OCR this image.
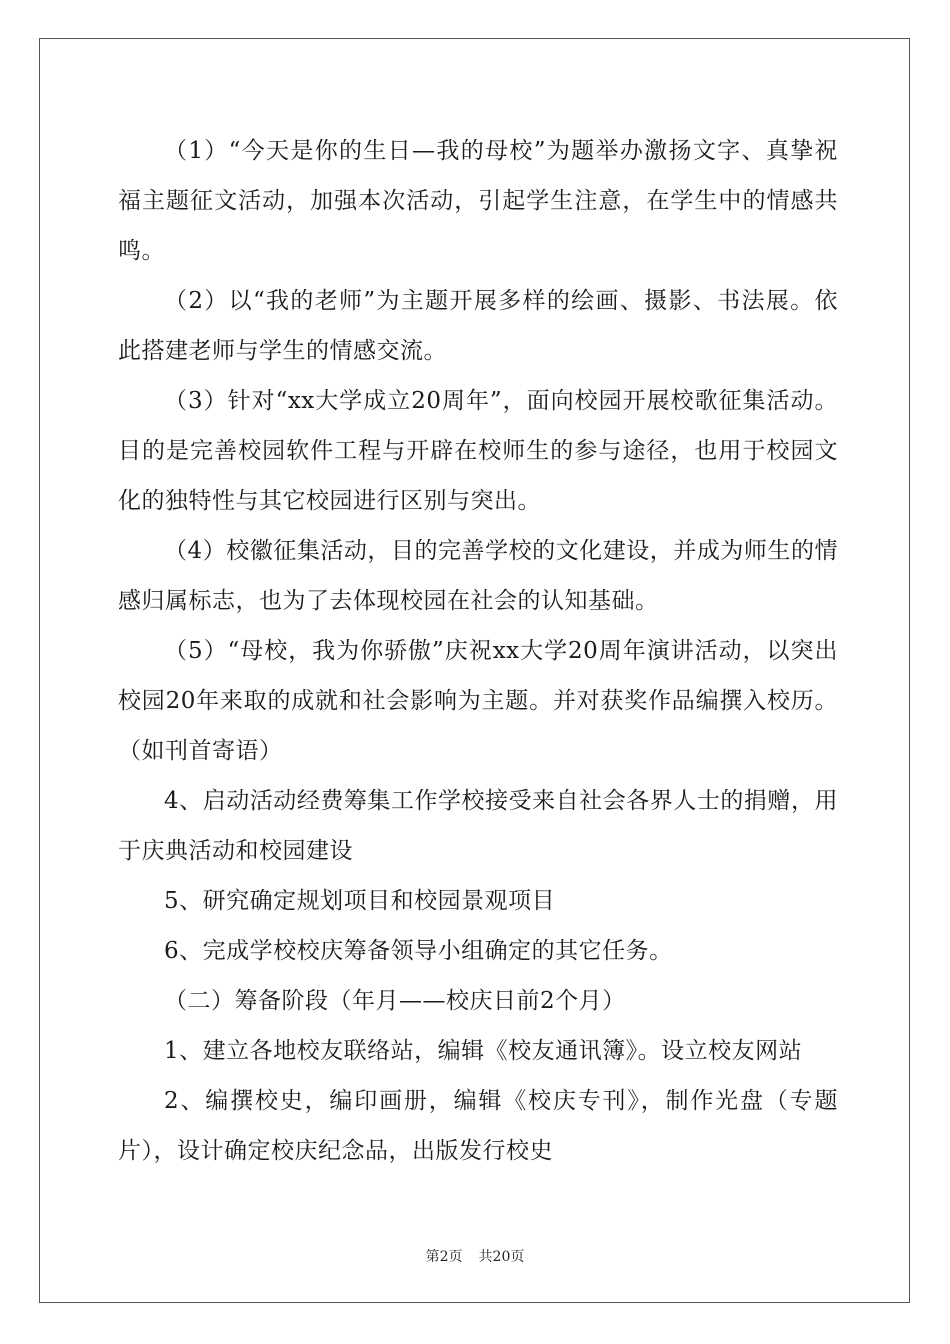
（1）“今天是你的生日—我的母校”为题举办激扬文字、真挚祝福主题征文活动，加强本次活动，引起学生注意，在学生中的情感共鸣。

（2）以“我的老师”为主题开展多样的绘画、摄影、书法展。依此搭建老师与学生的情感交流。

（3）针对“xx大学成立20周年”，面向校园开展校歌征集活动。目的是完善校园软件工程与开辟在校师生的参与途径，也用于校园文化的独特性与其它校园进行区别与突出。

（4）校徽征集活动，目的完善学校的文化建设，并成为师生的情感归属标志，也为了去体现校园在社会的认知基础。

（5）“母校，我为你骄傲”庆祝xx大学20周年演讲活动，以突出校园20年来取的成就和社会影响为主题。并对获奖作品编撰入校历。（如刊首寄语）

4、启动活动经费筹集工作学校接受来自社会各界人士的捐赠，用于庆典活动和校园建设

5、研究确定规划项目和校园景观项目

6、完成学校校庆筹备领导小组确定的其它任务。

（二）筹备阶段（年月——校庆日前2个月）

1、建立各地校友联络站，编辑《校友通讯簿》。设立校友网站

2、编撰校史，编印画册，编辑《校庆专刊》，制作光盘（专题片），设计确定校庆纪念品，出版发行校史

第2页 共20页
